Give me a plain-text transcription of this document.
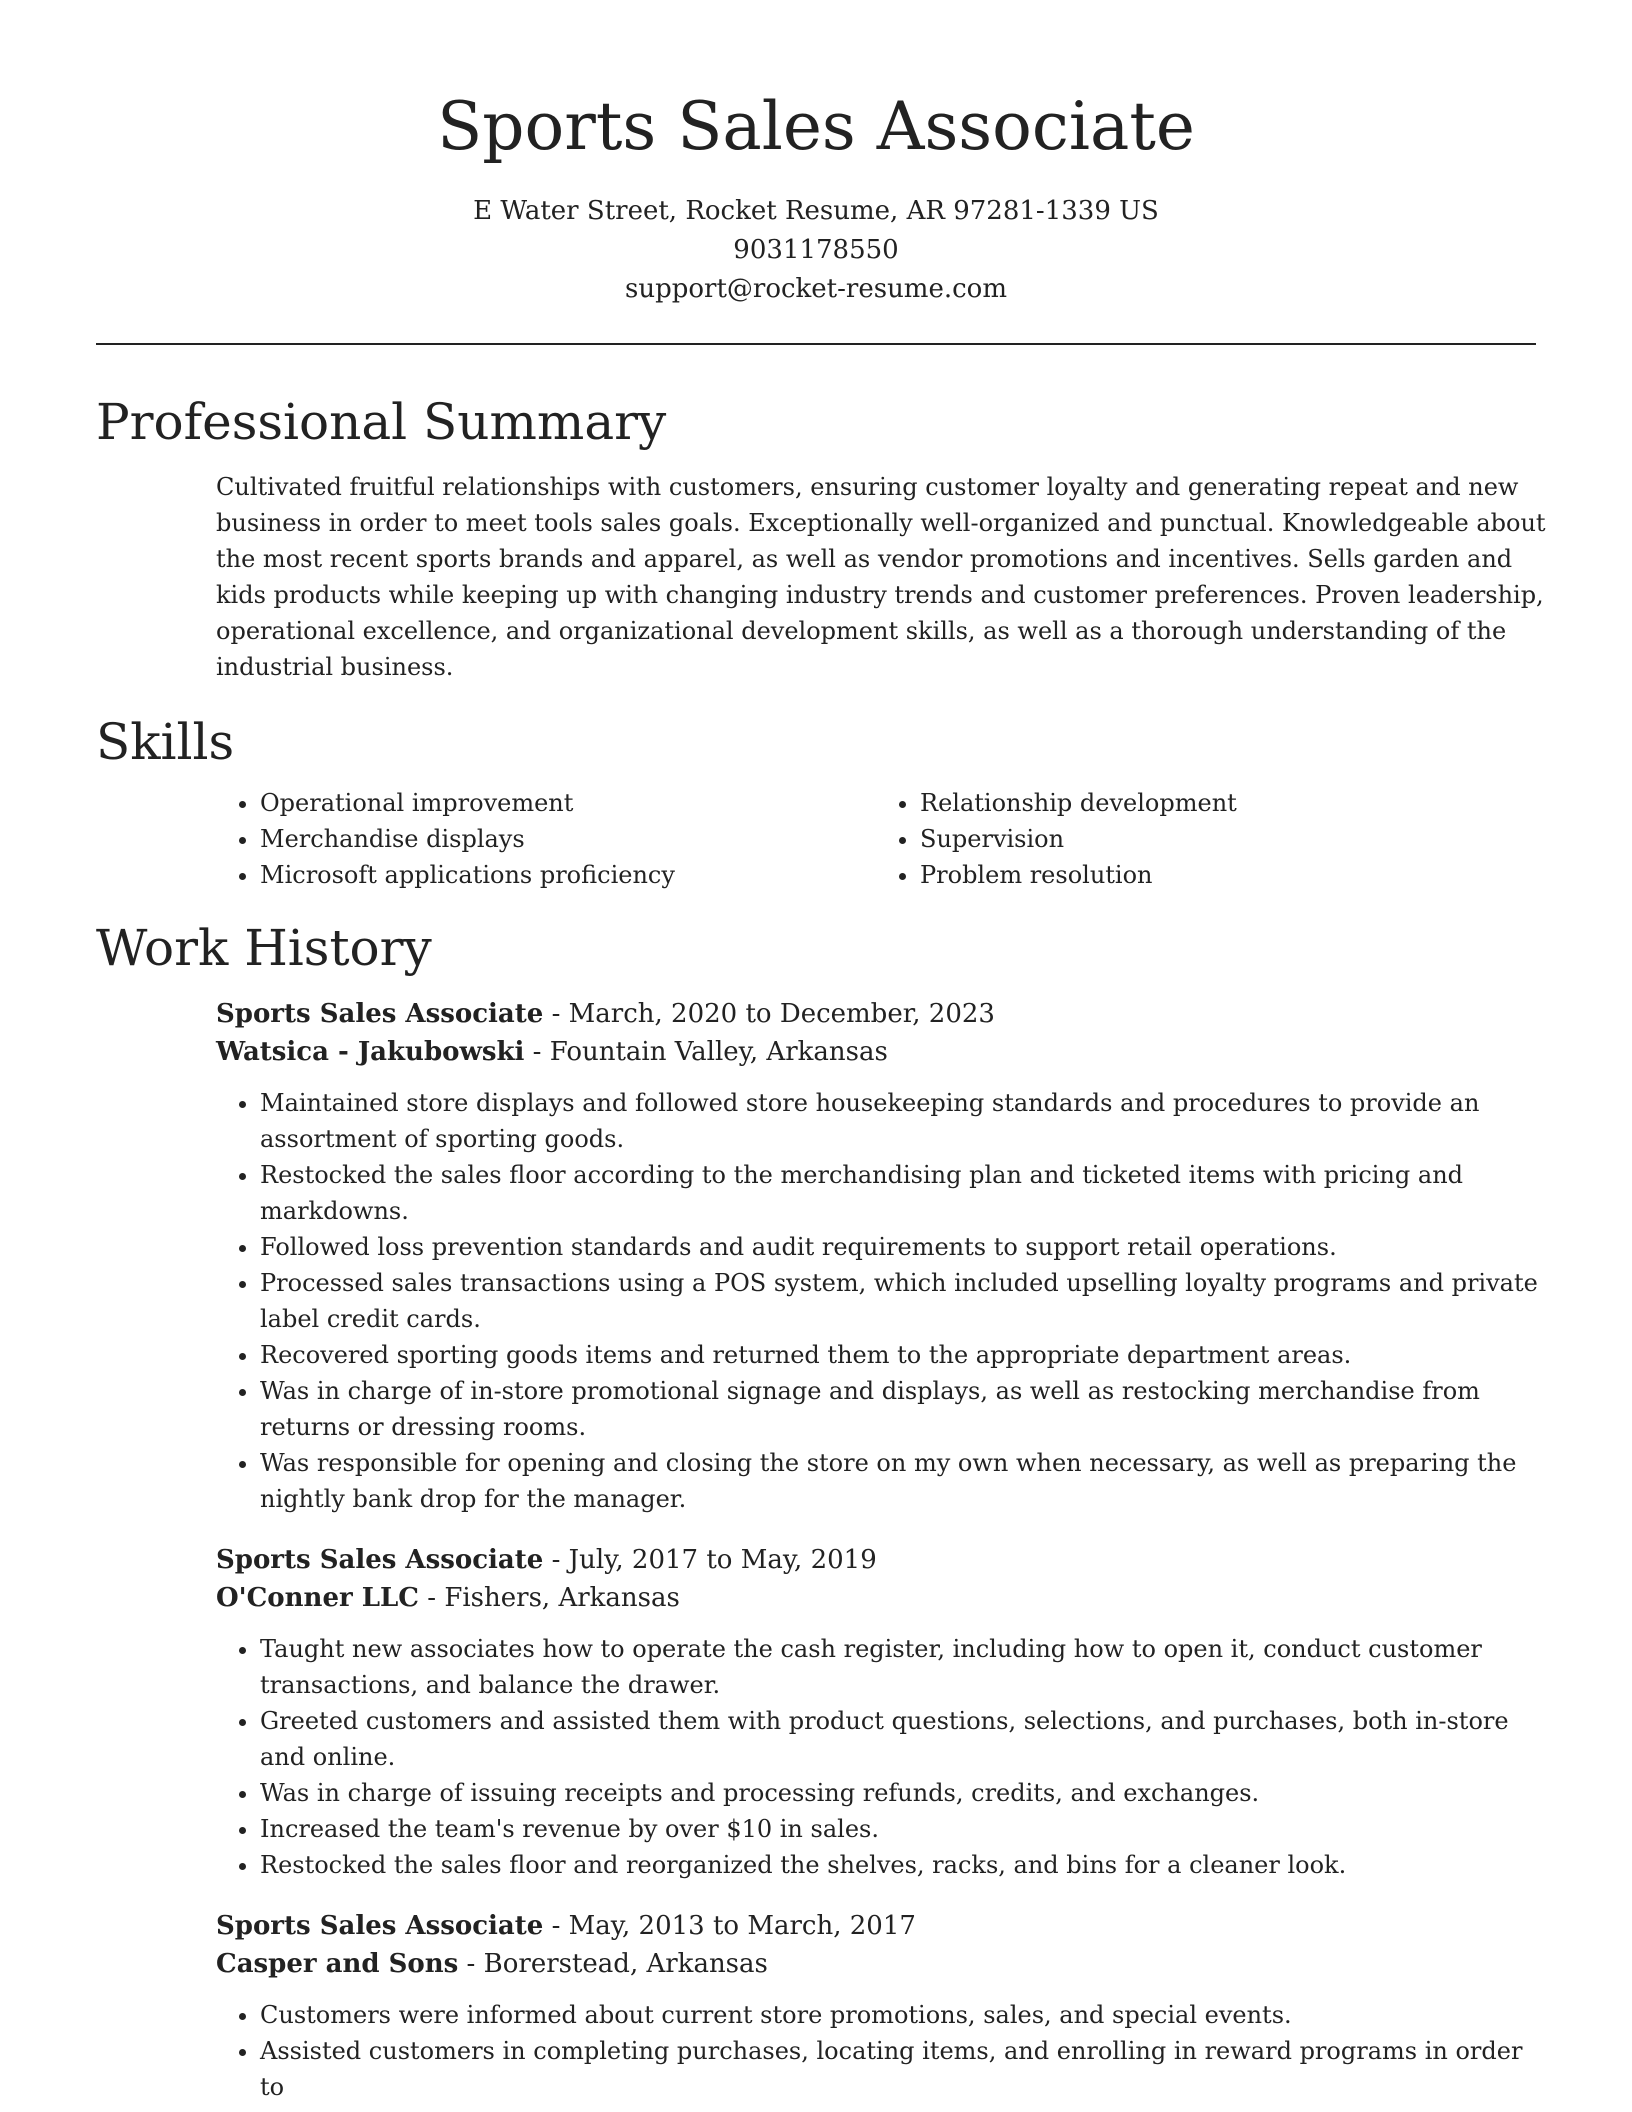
Sports Sales Associate
E Water Street, Rocket Resume, AR 97281-1339 US
9031178550
support@rocket-resume.com
Professional Summary

Cultivated fruitful relationships with customers, ensuring customer loyalty and generating repeat and new business in order to meet tools sales goals. Exceptionally well-organized and punctual. Knowledgeable about the most recent sports brands and apparel, as well as vendor promotions and incentives. Sells garden and kids products while keeping up with changing industry trends and customer preferences. Proven leadership, operational excellence, and organizational development skills, as well as a thorough understanding of the industrial business.

Skills
• Operational improvement
• Merchandise displays
• Microsoft applications proficiency
• Relationship development
• Supervision
• Problem resolution
Work History
Sports Sales Associate - March, 2020 to December, 2023
Watsica - Jakubowski - Fountain Valley, Arkansas
• Maintained store displays and followed store housekeeping standards and procedures to provide an assortment of sporting goods.
• Restocked the sales floor according to the merchandising plan and ticketed items with pricing and markdowns.
• Followed loss prevention standards and audit requirements to support retail operations.
• Processed sales transactions using a POS system, which included upselling loyalty programs and private label credit cards.
• Recovered sporting goods items and returned them to the appropriate department areas.
• Was in charge of in-store promotional signage and displays, as well as restocking merchandise from returns or dressing rooms.
• Was responsible for opening and closing the store on my own when necessary, as well as preparing the nightly bank drop for the manager.
Sports Sales Associate - July, 2017 to May, 2019
O'Conner LLC - Fishers, Arkansas
• Taught new associates how to operate the cash register, including how to open it, conduct customer transactions, and balance the drawer.
• Greeted customers and assisted them with product questions, selections, and purchases, both in-store and online.
• Was in charge of issuing receipts and processing refunds, credits, and exchanges.
• Increased the team's revenue by over $10 in sales.
• Restocked the sales floor and reorganized the shelves, racks, and bins for a cleaner look.
Sports Sales Associate - May, 2013 to March, 2017
Casper and Sons - Borerstead, Arkansas
• Customers were informed about current store promotions, sales, and special events.
• Assisted customers in completing purchases, locating items, and enrolling in reward programs in order to
